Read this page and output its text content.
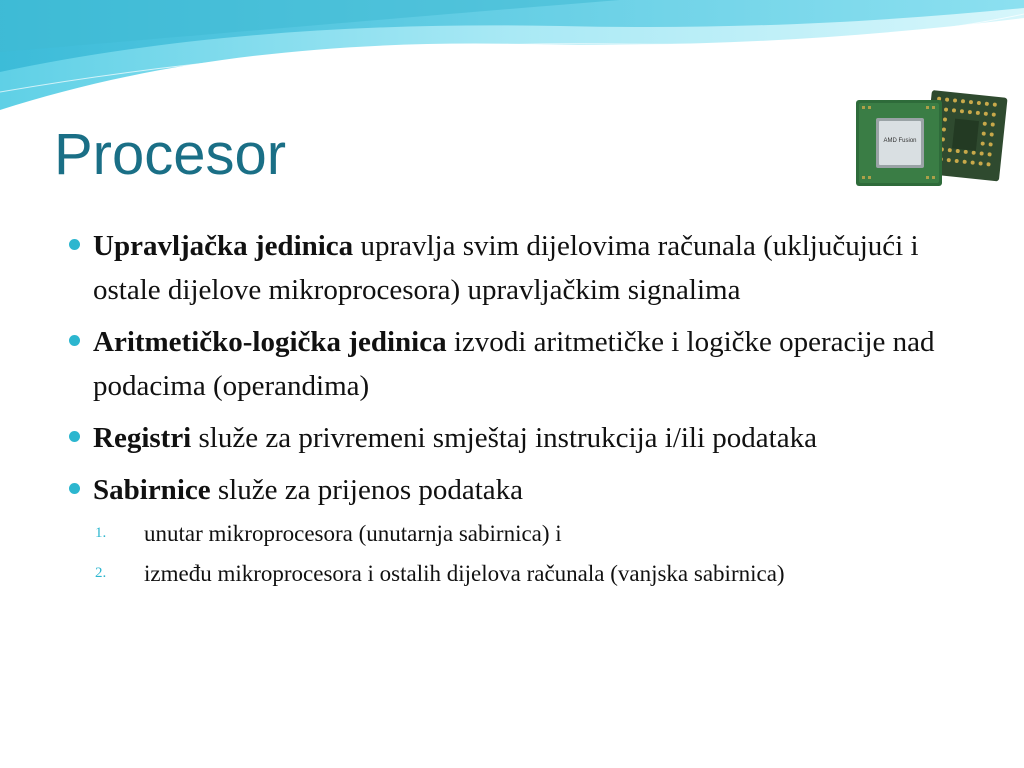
Procesor	AMD Fusion
Upravljačka jedinica upravlja svim dijelovima računala (uključujući i ostale dijelove mikroprocesora) upravljačkim signalima
Aritmetičko-logička jedinica izvodi aritmetičke i logičke operacije nad podacima (operandima)
Registri služe za privremeni smještaj instrukcija i/ili podataka
Sabirnice služe za prijenos podataka
1. unutar mikroprocesora (unutarnja sabirnica) i
2. između mikroprocesora i ostalih dijelova računala (vanjska sabirnica)
